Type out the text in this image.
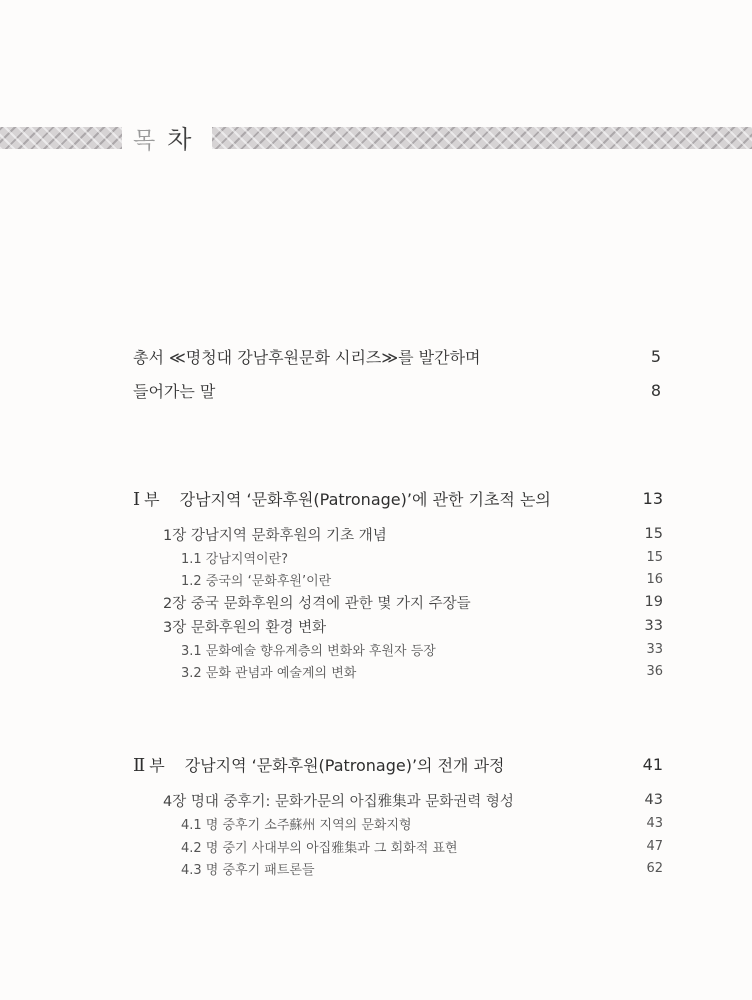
목 차
총서 ≪명청대 강남후원문화 시리즈≫를 발간하며	5
들어가는 말	8
Ⅰ 부 강남지역 ‘문화후원(Patronage)’에 관한 기초적 논의	13
1장 강남지역 문화후원의 기초 개념	15
1.1 강남지역이란?	15
1.2 중국의 ‘문화후원’이란	16
2장 중국 문화후원의 성격에 관한 몇 가지 주장들	19
3장 문화후원의 환경 변화	33
3.1 문화예술 향유계층의 변화와 후원자 등장	33
3.2 문화 관념과 예술계의 변화	36
Ⅱ 부 강남지역 ‘문화후원(Patronage)’의 전개 과정	41
4장 명대 중후기: 문화가문의 아집雅集과 문화권력 형성	43
4.1 명 중후기 소주蘇州 지역의 문화지형	43
4.2 명 중기 사대부의 아집雅集과 그 회화적 표현	47
4.3 명 중후기 패트론들	62
